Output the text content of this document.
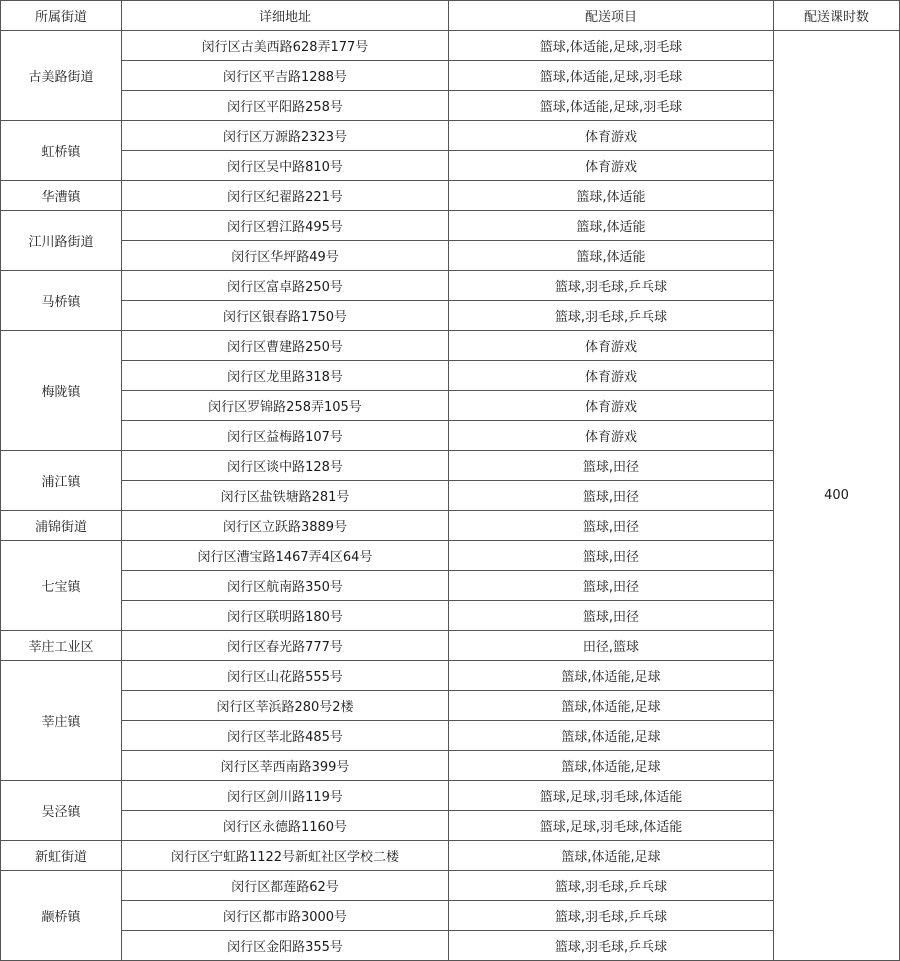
所属街道	详细地址	配送项目	配送课时数
古美路街道	闵行区古美西路628弄177号	篮球,体适能,足球,羽毛球	400
	闵行区平吉路1288号	篮球,体适能,足球,羽毛球	
	闵行区平阳路258号	篮球,体适能,足球,羽毛球	
虹桥镇	闵行区万源路2323号	体育游戏	
	闵行区吴中路810号	体育游戏	
华漕镇	闵行区纪翟路221号	篮球,体适能	
江川路街道	闵行区碧江路495号	篮球,体适能	
	闵行区华坪路49号	篮球,体适能	
马桥镇	闵行区富卓路250号	篮球,羽毛球,乒乓球	
	闵行区银春路1750号	篮球,羽毛球,乒乓球	
梅陇镇	闵行区曹建路250号	体育游戏	
	闵行区龙里路318号	体育游戏	
	闵行区罗锦路258弄105号	体育游戏	
	闵行区益梅路107号	体育游戏	
浦江镇	闵行区谈中路128号	篮球,田径	
	闵行区盐铁塘路281号	篮球,田径	
浦锦街道	闵行区立跃路3889号	篮球,田径	
七宝镇	闵行区漕宝路1467弄4区64号	篮球,田径	
	闵行区航南路350号	篮球,田径	
	闵行区联明路180号	篮球,田径	
莘庄工业区	闵行区春光路777号	田径,篮球	
莘庄镇	闵行区山花路555号	篮球,体适能,足球	
	闵行区莘浜路280号2楼	篮球,体适能,足球	
	闵行区莘北路485号	篮球,体适能,足球	
	闵行区莘西南路399号	篮球,体适能,足球	
吴泾镇	闵行区剑川路119号	篮球,足球,羽毛球,体适能	
	闵行区永德路1160号	篮球,足球,羽毛球,体适能	
新虹街道	闵行区宁虹路1122号新虹社区学校二楼	篮球,体适能,足球	
颛桥镇	闵行区都莲路62号	篮球,羽毛球,乒乓球	
	闵行区都市路3000号	篮球,羽毛球,乒乓球	
	闵行区金阳路355号	篮球,羽毛球,乒乓球	
